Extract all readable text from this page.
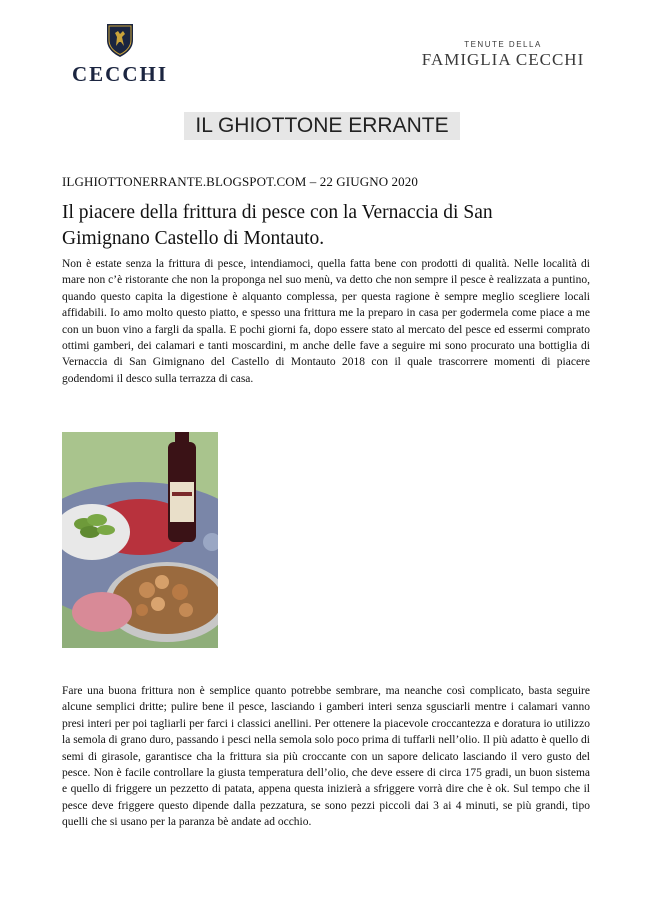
CECCHI
TENUTE DELLA
FAMIGLIA CECCHI
IL GHIOTTONE ERRANTE
ILGHIOTTONERRANTE.BLOGSPOT.COM – 22 GIUGNO 2020
Il piacere della frittura di pesce con la Vernaccia di San Gimignano Castello di Montauto.
Non è estate senza la frittura di pesce, intendiamoci, quella fatta bene con prodotti di qualità. Nelle località di mare non c’è ristorante che non la proponga nel suo menù, va detto che non sempre il pesce è realizzata a puntino, quando questo capita la digestione è alquanto complessa, per questa ragione è sempre meglio scegliere locali affidabili. Io amo molto questo piatto, e spesso una frittura me la preparo in casa per godermela come piace a me con un buon vino a fargli da spalla. E pochi giorni fa, dopo essere stato al mercato del pesce ed essermi comprato ottimi gamberi, dei calamari e tanti moscardini, m anche delle fave a seguire mi sono procurato una bottiglia di Vernaccia di San Gimignano del Castello di Montauto 2018 con il quale trascorrere momenti di piacere godendomi il desco sulla terrazza di casa.
Fare una buona frittura non è semplice quanto potrebbe sembrare, ma neanche così complicato, basta seguire alcune semplici dritte; pulire bene il pesce, lasciando i gamberi interi senza sgusciarli mentre i calamari vanno presi interi per poi tagliarli per farci i classici anellini. Per ottenere la piacevole croccantezza e doratura io utilizzo la semola di grano duro, passando i pesci nella semola solo poco prima di tuffarli nell’olio. Il più adatto è quello di semi di girasole, garantisce cha la frittura sia più croccante con un sapore delicato lasciando il vero gusto del pesce. Non è facile controllare la giusta temperatura dell’olio, che deve essere di circa 175 gradi, un buon sistema e quello di friggere un pezzetto di patata, appena questa inizierà a sfriggere vorrà dire che è ok. Sul tempo che il pesce deve friggere questo dipende dalla pezzatura, se sono pezzi piccoli dai 3 ai 4 minuti, se più grandi, tipo quelli che si usano per la paranza bè andate ad occhio.
